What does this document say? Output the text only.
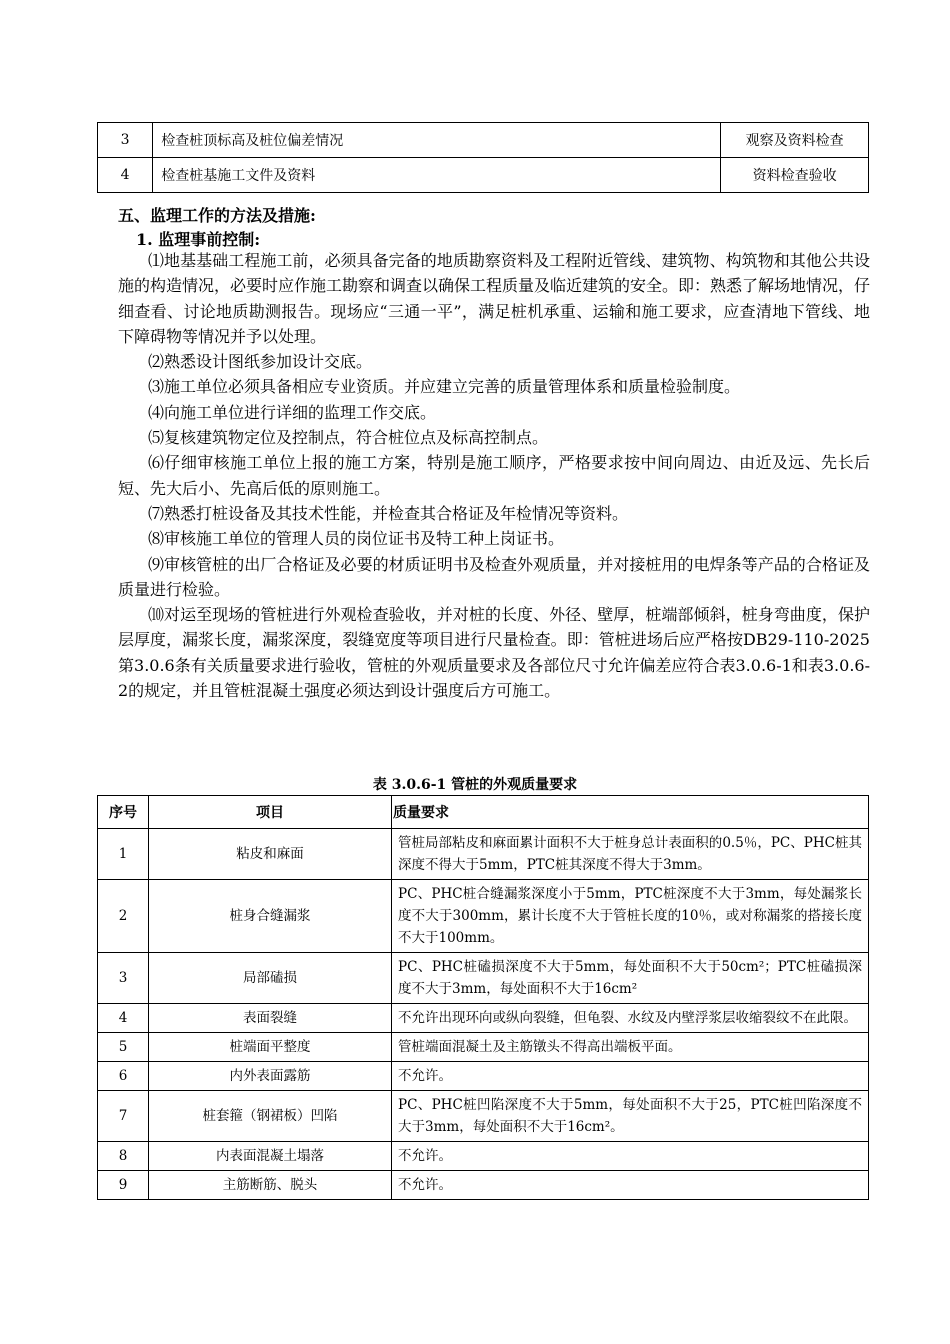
3	检查桩顶标高及桩位偏差情况	观察及资料检查
4	检查桩基施工文件及资料	资料检查验收
五、监理工作的方法及措施:
1. 监理事前控制:

⑴地基基础工程施工前，必须具备完备的地质勘察资料及工程附近管线、建筑物、构筑物和其他公共设施的构造情况，必要时应作施工勘察和调查以确保工程质量及临近建筑的安全。即：熟悉了解场地情况，仔细查看、讨论地质勘测报告。现场应“三通一平”，满足桩机承重、运输和施工要求，应查清地下管线、地下障碍物等情况并予以处理。

⑵熟悉设计图纸参加设计交底。

⑶施工单位必须具备相应专业资质。并应建立完善的质量管理体系和质量检验制度。

⑷向施工单位进行详细的监理工作交底。

⑸复核建筑物定位及控制点，符合桩位点及标高控制点。

⑹仔细审核施工单位上报的施工方案，特别是施工顺序，严格要求按中间向周边、由近及远、先长后短、先大后小、先高后低的原则施工。

⑺熟悉打桩设备及其技术性能，并检查其合格证及年检情况等资料。

⑻审核施工单位的管理人员的岗位证书及特工种上岗证书。

⑼审核管桩的出厂合格证及必要的材质证明书及检查外观质量，并对接桩用的电焊条等产品的合格证及质量进行检验。

⑽对运至现场的管桩进行外观检查验收，并对桩的长度、外径、壁厚，桩端部倾斜，桩身弯曲度，保护层厚度，漏浆长度，漏浆深度，裂缝宽度等项目进行尺量检查。即：管桩进场后应严格按DB29-110-2025第3.0.6条有关质量要求进行验收，管桩的外观质量要求及各部位尺寸允许偏差应符合表3.0.6-1和表3.0.6-2的规定，并且管桩混凝土强度必须达到设计强度后方可施工。

表 3.0.6-1 管桩的外观质量要求
序号	项目	质量要求
1	粘皮和麻面	管桩局部粘皮和麻面累计面积不大于桩身总计表面积的0.5％，PC、PHC桩其深度不得大于5mm，PTC桩其深度不得大于3mm。
2	桩身合缝漏浆	PC、PHC桩合缝漏浆深度小于5mm，PTC桩深度不大于3mm，每处漏浆长度不大于300mm，累计长度不大于管桩长度的10％，或对称漏浆的搭接长度不大于100mm。
3	局部磕损	PC、PHC桩磕损深度不大于5mm，每处面积不大于50cm²；PTC桩磕损深度不大于3mm，每处面积不大于16cm²
4	表面裂缝	不允许出现环向或纵向裂缝，但龟裂、水纹及内壁浮浆层收缩裂纹不在此限。
5	桩端面平整度	管桩端面混凝土及主筋镦头不得高出端板平面。
6	内外表面露筋	不允许。
7	桩套箍（钢裙板）凹陷	PC、PHC桩凹陷深度不大于5mm，每处面积不大于25，PTC桩凹陷深度不大于3mm，每处面积不大于16cm²。
8	内表面混凝土塌落	不允许。
9	主筋断筋、脱头	不允许。
